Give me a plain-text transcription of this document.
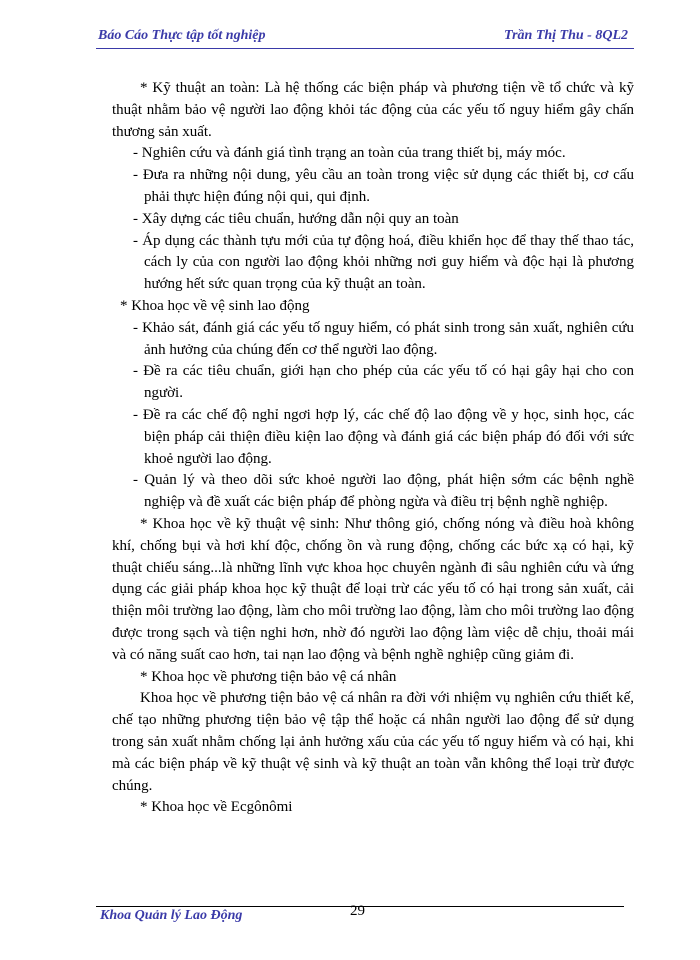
Báo Cáo Thực tập tốt nghiệp	Trần Thị Thu - 8QL2

* Kỹ thuật an toàn: Là hệ thống các biện pháp và phương tiện về tổ chức và kỹ thuật nhằm bảo vệ người lao động khỏi tác động của các yếu tố nguy hiểm gây chấn thương sản xuất.

- Nghiên cứu và đánh giá tình trạng an toàn của trang thiết bị, máy móc.

- Đưa ra những nội dung, yêu cầu an toàn trong việc sử dụng các thiết bị, cơ cấu phải thực hiện đúng nội qui, qui định.

- Xây dựng các tiêu chuẩn, hướng dẫn nội quy an toàn

- Áp dụng các thành tựu mới của tự động hoá, điều khiển học để thay thế thao tác, cách ly của con người lao động khỏi những nơi guy hiểm và độc hại là phương hướng hết sức quan trọng của kỹ thuật an toàn.

* Khoa học về vệ sinh lao động

- Khảo sát, đánh giá các yếu tố nguy hiểm, có phát sinh trong sản xuất, nghiên cứu ảnh hưởng của chúng đến cơ thể người lao động.

- Đề ra các tiêu chuẩn, giới hạn cho phép của các yếu tố có hại gây hại cho con người.

- Đề ra các chế độ nghỉ ngơi hợp lý, các chế độ lao động về y học, sinh học, các biện pháp cải thiện điều kiện lao động và đánh giá các biện pháp đó đối với sức khoẻ người lao động.

- Quản lý và theo dõi sức khoẻ người lao động, phát hiện sớm các bệnh nghề nghiệp và đề xuất các biện pháp để phòng ngừa và điều trị bệnh nghề nghiệp.

* Khoa học về kỹ thuật vệ sinh: Như thông gió, chống nóng và điều hoà không khí, chống bụi và hơi khí độc, chống ồn và rung động, chống các bức xạ có hại, kỹ thuật chiếu sáng...là những lĩnh vực khoa học chuyên ngành đi sâu nghiên cứu và ứng dụng các giải pháp khoa học kỹ thuật để loại trừ các yếu tố có hại trong sản xuất, cải thiện môi trường lao động, làm cho môi trường lao động, làm cho môi trường lao động được trong sạch và tiện nghi hơn, nhờ đó người lao động làm việc dễ chịu, thoải mái và có năng suất cao hơn, tai nạn lao động và bệnh nghề nghiệp cũng giảm đi.

* Khoa học về phương tiện bảo vệ cá nhân

Khoa học về phương tiện bảo vệ cá nhân ra đời với nhiệm vụ nghiên cứu thiết kế, chế tạo những phương tiện bảo vệ tập thể hoặc cá nhân người lao động để sử dụng trong sản xuất nhằm chống lại ảnh hưởng xấu của các yếu tố nguy hiểm và có hại, khi mà các biện pháp về kỹ thuật vệ sinh và kỹ thuật an toàn vẫn không thể loại trừ được chúng.

* Khoa học về Ecgônômi

Khoa Quản lý Lao Động	29
